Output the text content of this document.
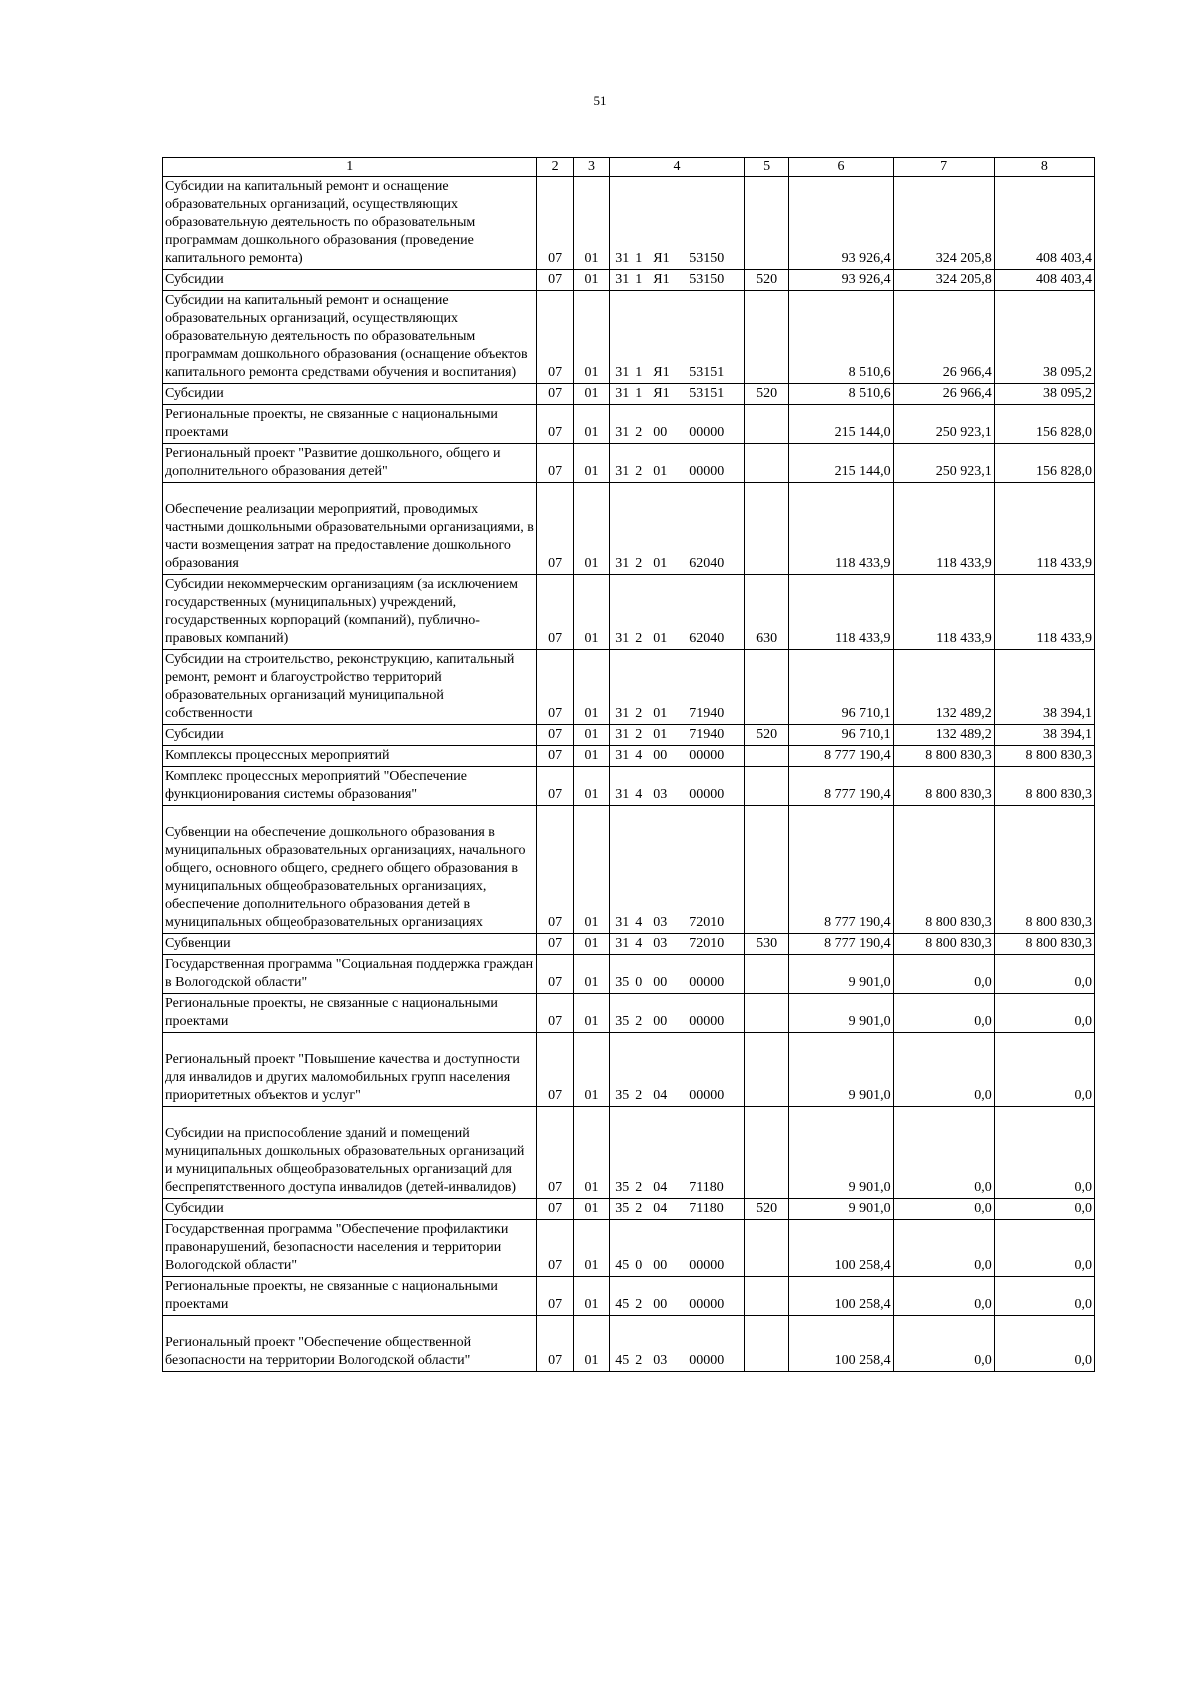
51
1	2	3	4	5	6	7	8
Субсидии на капитальный ремонт и оснащение образовательных организаций, осуществляющих образовательную деятельность по образовательным программам дошкольного образования (проведение капитального ремонта)	07	01	31 1 Я1 53150		93 926,4	324 205,8	408 403,4
Субсидии	07	01	31 1 Я1 53150	520	93 926,4	324 205,8	408 403,4
Субсидии на капитальный ремонт и оснащение образовательных организаций, осуществляющих образовательную деятельность по образовательным программам дошкольного образования (оснащение объектов капитального ремонта средствами обучения и воспитания)	07	01	31 1 Я1 53151		8 510,6	26 966,4	38 095,2
Субсидии	07	01	31 1 Я1 53151	520	8 510,6	26 966,4	38 095,2
Региональные проекты, не связанные с национальными проектами	07	01	31 2 00 00000		215 144,0	250 923,1	156 828,0
Региональный проект "Развитие дошкольного, общего и дополнительного образования детей"	07	01	31 2 01 00000		215 144,0	250 923,1	156 828,0
Обеспечение реализации мероприятий, проводимых частными дошкольными образовательными организациями, в части возмещения затрат на предоставление дошкольного образования	07	01	31 2 01 62040		118 433,9	118 433,9	118 433,9
Субсидии некоммерческим организациям (за исключением государственных (муниципальных) учреждений, государственных корпораций (компаний), публично-правовых компаний)	07	01	31 2 01 62040	630	118 433,9	118 433,9	118 433,9
Субсидии на строительство, реконструкцию, капитальный ремонт, ремонт и благоустройство территорий образовательных организаций муниципальной собственности	07	01	31 2 01 71940		96 710,1	132 489,2	38 394,1
Субсидии	07	01	31 2 01 71940	520	96 710,1	132 489,2	38 394,1
Комплексы процессных мероприятий	07	01	31 4 00 00000		8 777 190,4	8 800 830,3	8 800 830,3
Комплекс процессных мероприятий "Обеспечение функционирования системы образования"	07	01	31 4 03 00000		8 777 190,4	8 800 830,3	8 800 830,3
Субвенции на обеспечение дошкольного образования в муниципальных образовательных организациях, начального общего, основного общего, среднего общего образования в муниципальных общеобразовательных организациях, обеспечение дополнительного образования детей в муниципальных общеобразовательных организациях	07	01	31 4 03 72010		8 777 190,4	8 800 830,3	8 800 830,3
Субвенции	07	01	31 4 03 72010	530	8 777 190,4	8 800 830,3	8 800 830,3
Государственная программа "Социальная поддержка граждан в Вологодской области"	07	01	35 0 00 00000		9 901,0	0,0	0,0
Региональные проекты, не связанные с национальными проектами	07	01	35 2 00 00000		9 901,0	0,0	0,0
Региональный проект "Повышение качества и доступности для инвалидов и других маломобильных групп населения приоритетных объектов и услуг"	07	01	35 2 04 00000		9 901,0	0,0	0,0
Субсидии на приспособление зданий и помещений муниципальных дошкольных образовательных организаций и муниципальных общеобразовательных организаций для беспрепятственного доступа инвалидов (детей-инвалидов)	07	01	35 2 04 71180		9 901,0	0,0	0,0
Субсидии	07	01	35 2 04 71180	520	9 901,0	0,0	0,0
Государственная программа "Обеспечение профилактики правонарушений, безопасности населения и территории Вологодской области"	07	01	45 0 00 00000		100 258,4	0,0	0,0
Региональные проекты, не связанные с национальными проектами	07	01	45 2 00 00000		100 258,4	0,0	0,0
Региональный проект "Обеспечение общественной безопасности на территории Вологодской области"	07	01	45 2 03 00000		100 258,4	0,0	0,0
